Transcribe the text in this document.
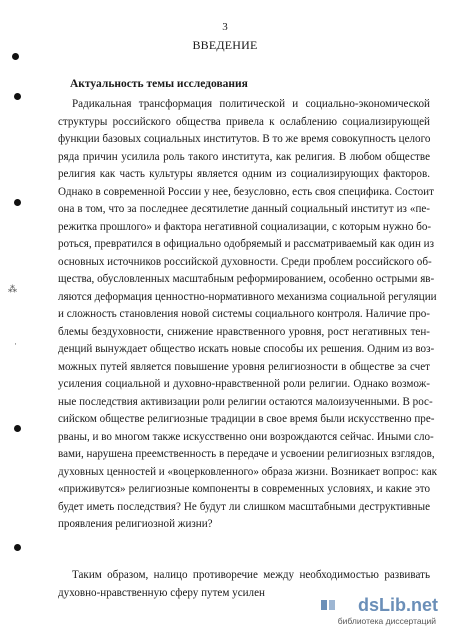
⁂
·
3
ВВЕДЕНИЕ
Актуальность темы исследования
Радикальная трансформация политической и социально-экономической
структуры российского общества привела к ослаблению социализирующей
функции базовых социальных институтов. В то же время совокупность целого
ряда причин усилила роль такого института, как религия. В любом обществе
религия как часть культуры является одним из социализирующих факторов.
Однако в современной России у нее, безусловно, есть своя специфика. Состоит
она в том, что за последнее десятилетие данный социальный институт из «пе-
режитка прошлого» и фактора негативной социализации, с которым нужно бо-
роться, превратился в официально одобряемый и рассматриваемый как один из
основных источников российской духовности. Среди проблем российского об-
щества, обусловленных масштабным реформированием, особенно острыми яв-
ляются деформация ценностно-нормативного механизма социальной регуляции
и сложность становления новой системы социального контроля. Наличие про-
блемы бездуховности, снижение нравственного уровня, рост негативных тен-
денций вынуждает общество искать новые способы их решения. Одним из воз-
можных путей является повышение уровня религиозности в обществе за счет
усиления социальной и духовно-нравственной роли религии. Однако возмож-
ные последствия активизации роли религии остаются малоизученными. В рос-
сийском обществе религиозные традиции в свое время были искусственно пре-
рваны, и во многом также искусственно они возрождаются сейчас. Иными сло-
вами, нарушена преемственность в передаче и усвоении религиозных взглядов,
духовных ценностей и «воцерковленного» образа жизни. Возникает вопрос: как
«приживутся» религиозные компоненты в современных условиях, и какие это
будет иметь последствия? Не будут ли слишком масштабными деструктивные
проявления религиозной жизни?
Таким образом, налицо противоречие между необходимостью развивать
духовно-нравственную сферу путем усилен
dsLib.net
библиотека диссертаций
